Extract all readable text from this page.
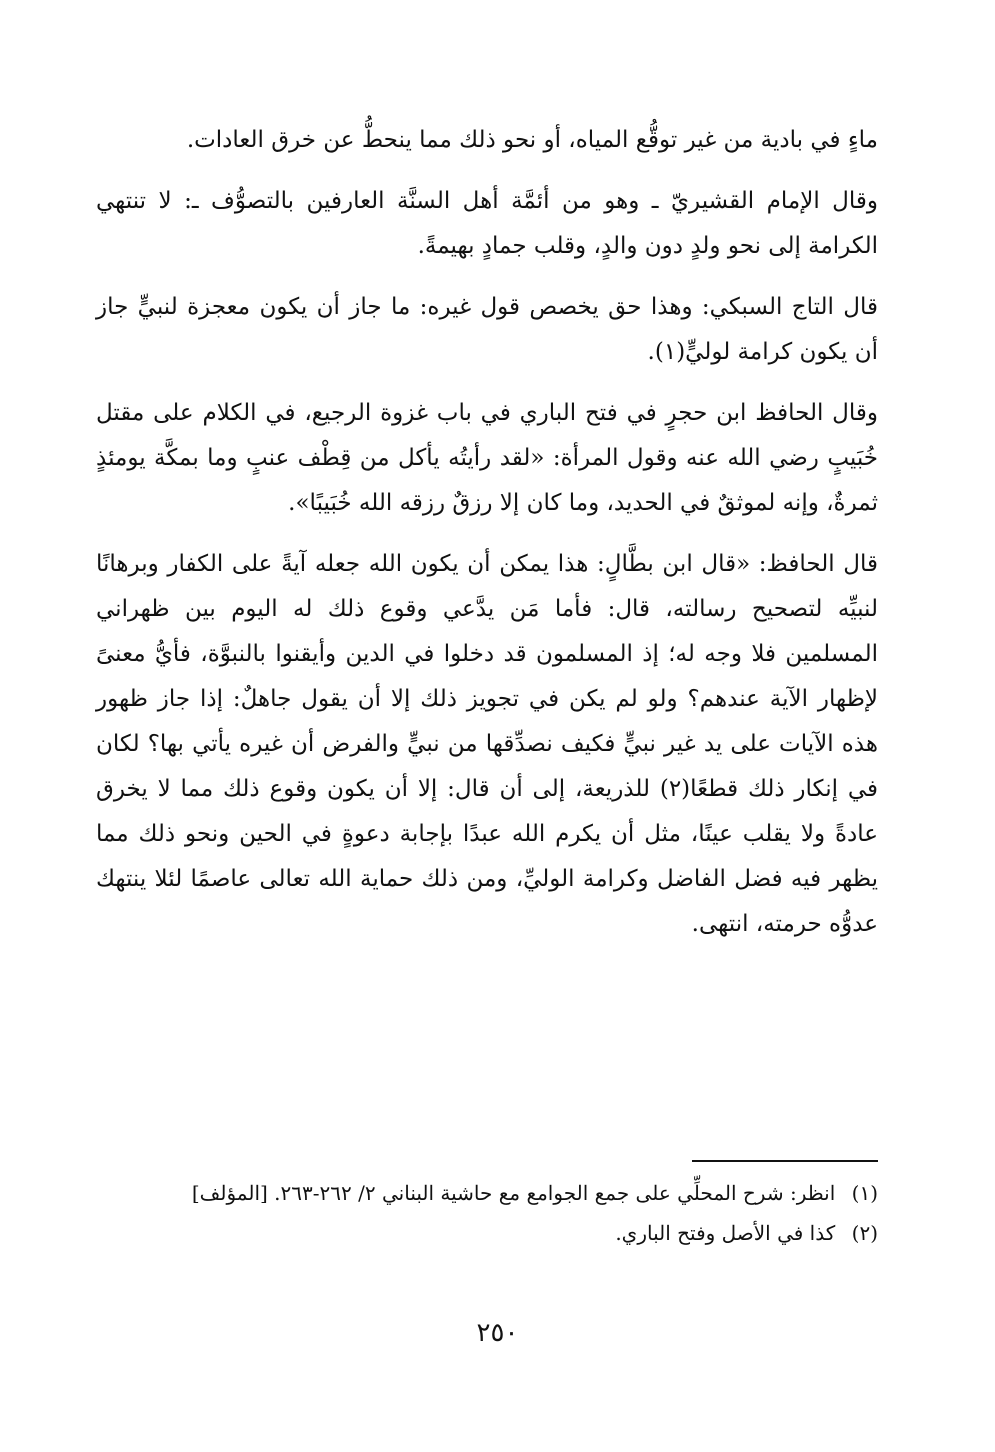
ماءٍ في بادية من غير توقُّع المياه، أو نحو ذلك مما ينحطُّ عن خرق العادات.

وقال الإمام القشيريّ ـ وهو من أئمَّة أهل السنَّة العارفين بالتصوُّف ـ: لا تنتهي الكرامة إلى نحو ولدٍ دون والدٍ، وقلب جمادٍ بهيمةً.

قال التاج السبكي: وهذا حق يخصص قول غيره: ما جاز أن يكون معجزة لنبيٍّ جاز أن يكون كرامة لوليٍّ(١).

وقال الحافظ ابن حجرٍ في فتح الباري في باب غزوة الرجيع، في الكلام على مقتل خُبَيبٍ رضي الله عنه وقول المرأة: «لقد رأيتُه يأكل من قِطْف عنبٍ وما بمكَّة يومئذٍ ثمرةٌ، وإنه لموثقٌ في الحديد، وما كان إلا رزقٌ رزقه الله خُبَيبًا».

قال الحافظ: «قال ابن بطَّالٍ: هذا يمكن أن يكون الله جعله آيةً على الكفار وبرهانًا لنبيِّه لتصحيح رسالته، قال: فأما مَن يدَّعي وقوع ذلك له اليوم بين ظهراني المسلمين فلا وجه له؛ إذ المسلمون قد دخلوا في الدين وأيقنوا بالنبوَّة، فأيُّ معنىً لإظهار الآية عندهم؟ ولو لم يكن في تجويز ذلك إلا أن يقول جاهلٌ: إذا جاز ظهور هذه الآيات على يد غير نبيٍّ فكيف نصدِّقها من نبيٍّ والفرض أن غيره يأتي بها؟ لكان في إنكار ذلك قطعًا(٢) للذريعة، إلى أن قال: إلا أن يكون وقوع ذلك مما لا يخرق عادةً ولا يقلب عينًا، مثل أن يكرم الله عبدًا بإجابة دعوةٍ في الحين ونحو ذلك مما يظهر فيه فضل الفاضل وكرامة الوليِّ، ومن ذلك حماية الله تعالى عاصمًا لئلا ينتهك عدوُّه حرمته، انتهى.

(١) انظر: شرح المحلِّي على جمع الجوامع مع حاشية البناني ٢/ ٢٦٢-٢٦٣. [المؤلف]

(٢) كذا في الأصل وفتح الباري.

٢٥٠
